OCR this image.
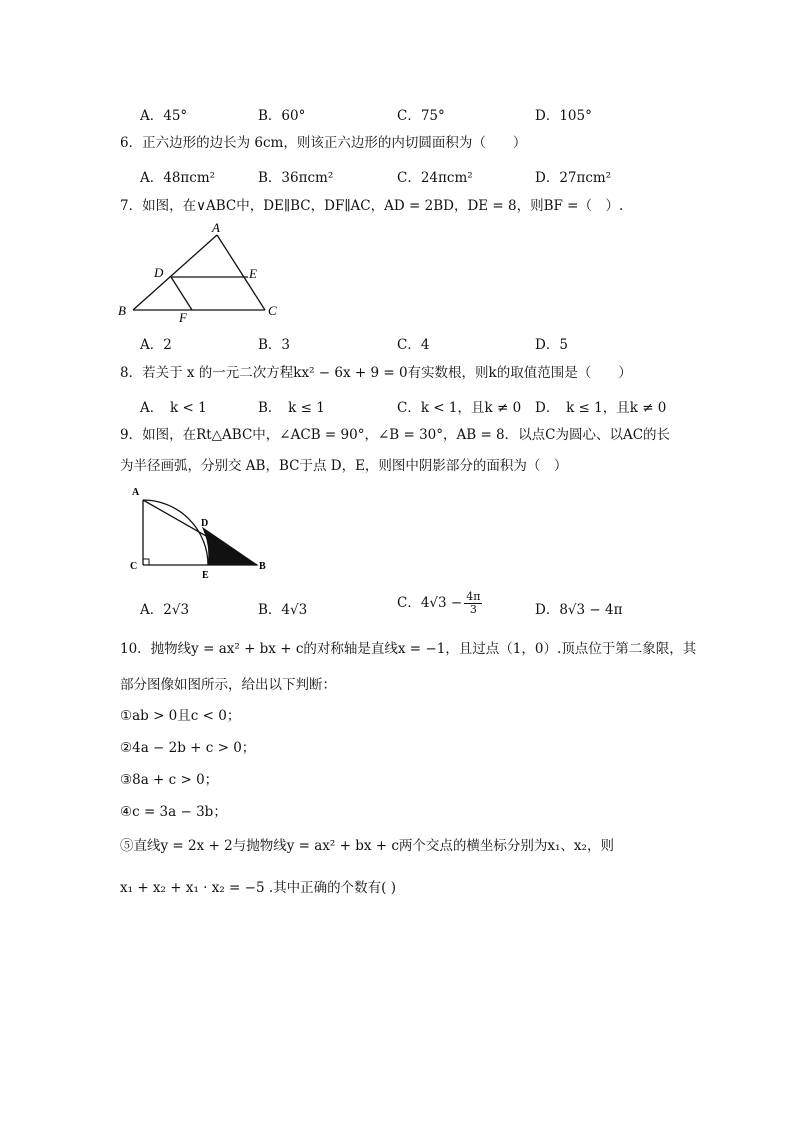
A．45°	B．60°	C．75°	D．105°
6．正六边形的边长为 6cm，则该正六边形的内切圆面积为（　　）
A．48πcm²	B．36πcm²	C．24πcm²	D．27πcm²
7．如图，在∨ABC中，DE∥BC，DF∥AC，AD = 2BD，DE = 8，则BF =（　）.
A
D	E
B	C
F
A．2	B．3	C．4	D．5
8．若关于 x 的一元二次方程kx² − 6x + 9 = 0有实数根，则k的取值范围是（　　）
A．　k < 1	B．　k ≤ 1	C．k < 1，且k ≠ 0 D．　k ≤ 1，且k ≠ 0
9．如图，在Rt△ABC中，∠ACB = 90°，∠B = 30°，AB = 8．以点C为圆心、以AC的长
为半径画弧，分别交 AB，BC于点 D，E，则图中阴影部分的面积为（　）
A
D
C
E
B
A．2√3	B．4√3	C．$4√3 - \frac{4\pi}{3}$	D．8√3 − 4π
10．抛物线y = ax² + bx + c的对称轴是直线x = −1，且过点（1，0）.顶点位于第二象限，其
部分图像如图所示，给出以下判断：
①ab > 0且c < 0；
②4a − 2b + c > 0；
③8a + c > 0；
④c = 3a − 3b；
⑤直线y = 2x + 2与抛物线y = ax² + bx + c两个交点的横坐标分别为x₁、x₂，则
x₁ + x₂ + x₁ · x₂ = −5 .其中正确的个数有( )
